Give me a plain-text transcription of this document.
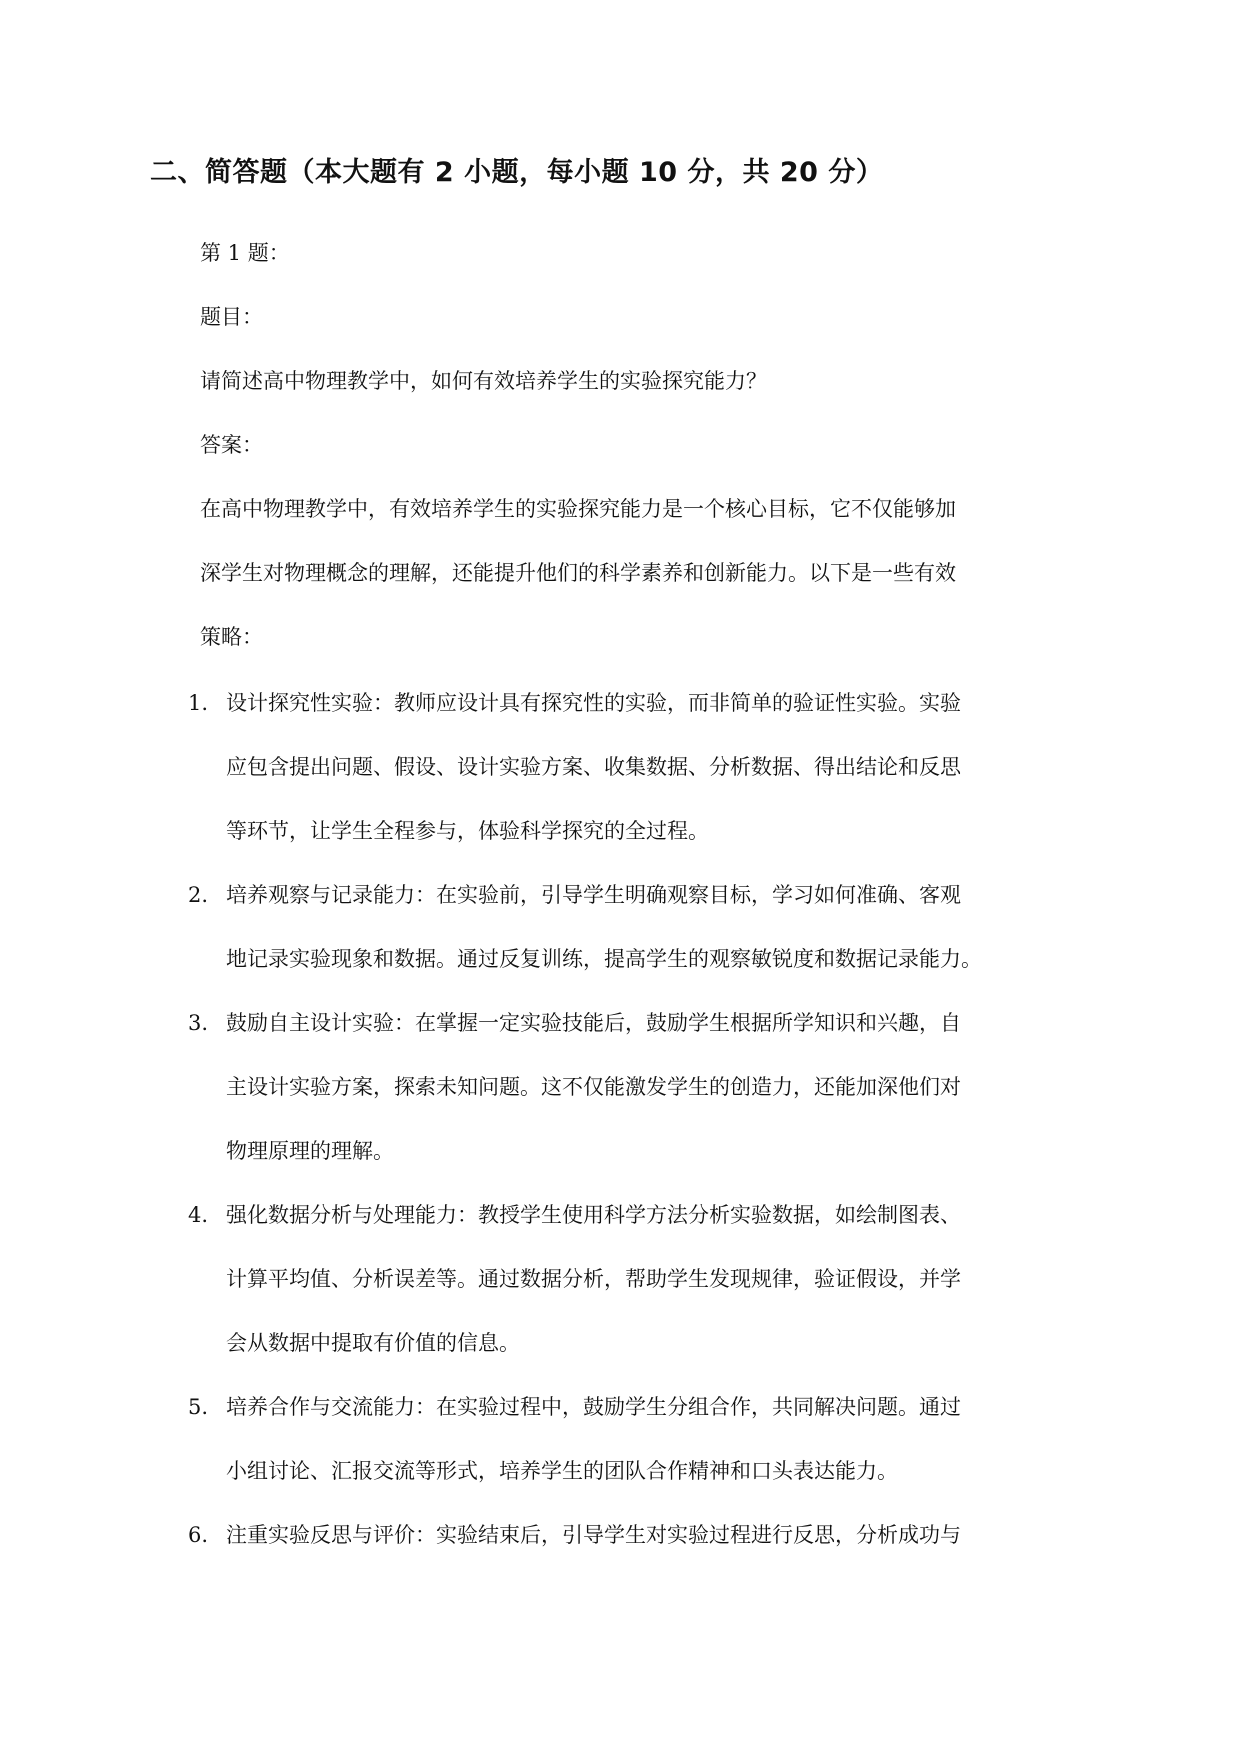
二、简答题（本大题有 2 小题，每小题 10 分，共 20 分）
第 1 题：
题目：
请简述高中物理教学中，如何有效培养学生的实验探究能力？
答案：
在高中物理教学中，有效培养学生的实验探究能力是一个核心目标，它不仅能够加
深学生对物理概念的理解，还能提升他们的科学素养和创新能力。以下是一些有效
策略：
1. 设计探究性实验：教师应设计具有探究性的实验，而非简单的验证性实验。实验
应包含提出问题、假设、设计实验方案、收集数据、分析数据、得出结论和反思
等环节，让学生全程参与，体验科学探究的全过程。
2. 培养观察与记录能力：在实验前，引导学生明确观察目标，学习如何准确、客观
地记录实验现象和数据。通过反复训练，提高学生的观察敏锐度和数据记录能力。
3. 鼓励自主设计实验：在掌握一定实验技能后，鼓励学生根据所学知识和兴趣，自
主设计实验方案，探索未知问题。这不仅能激发学生的创造力，还能加深他们对
物理原理的理解。
4. 强化数据分析与处理能力：教授学生使用科学方法分析实验数据，如绘制图表、
计算平均值、分析误差等。通过数据分析，帮助学生发现规律，验证假设，并学
会从数据中提取有价值的信息。
5. 培养合作与交流能力：在实验过程中，鼓励学生分组合作，共同解决问题。通过
小组讨论、汇报交流等形式，培养学生的团队合作精神和口头表达能力。
6. 注重实验反思与评价：实验结束后，引导学生对实验过程进行反思，分析成功与
